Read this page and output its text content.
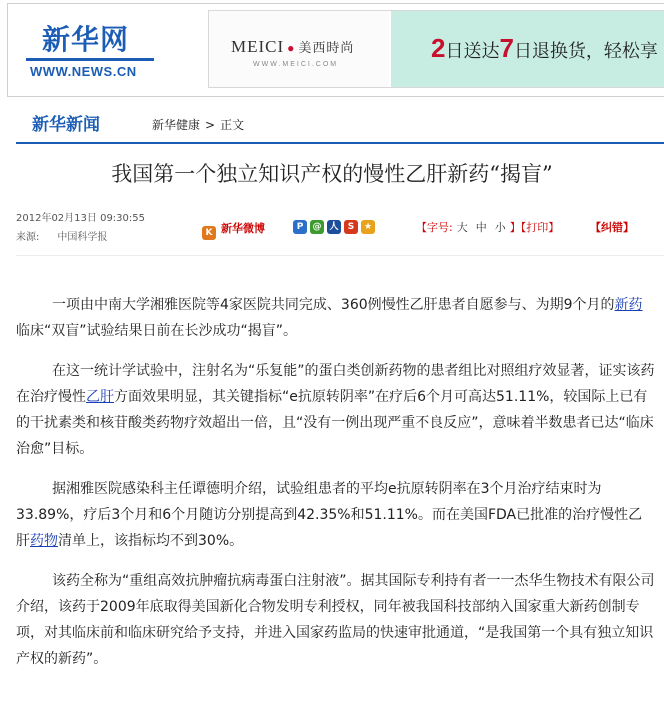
新华网
WWW.NEWS.CN
MEICI ● 美西時尚
WWW.MEICI.COM
2日送达7日退换货，轻松享
新华新闻	新华健康 > 正文
我国第一个独立知识产权的慢性乙肝新药“揭盲”
2012年02月13日 09:30:55
来源: 中国科学报	K 新华微博	P @ 人 S ★	【字号: 大 中 小 】【打印】	【纠错】

一项由中南大学湘雅医院等4家医院共同完成、360例慢性乙肝患者自愿参与、为期9个月的新药临床“双盲”试验结果日前在长沙成功“揭盲”。

在这一统计学试验中，注射名为“乐复能”的蛋白类创新药物的患者组比对照组疗效显著，证实该药在治疗慢性乙肝方面效果明显，其关键指标“e抗原转阴率”在疗后6个月可高达51.11%，较国际上已有的干扰素类和核苷酸类药物疗效超出一倍，且“没有一例出现严重不良反应”，意味着半数患者已达“临床治愈”目标。

据湘雅医院感染科主任谭德明介绍，试验组患者的平均e抗原转阴率在3个月治疗结束时为33.89%，疗后3个月和6个月随访分别提高到42.35%和51.11%。而在美国FDA已批准的治疗慢性乙肝药物清单上，该指标均不到30%。

该药全称为“重组高效抗肿瘤抗病毒蛋白注射液”。据其国际专利持有者一一杰华生物技术有限公司介绍，该药于2009年底取得美国新化合物发明专利授权，同年被我国科技部纳入国家重大新药创制专项，对其临床前和临床研究给予支持，并进入国家药监局的快速审批通道，“是我国第一个具有独立知识产权的新药”。
